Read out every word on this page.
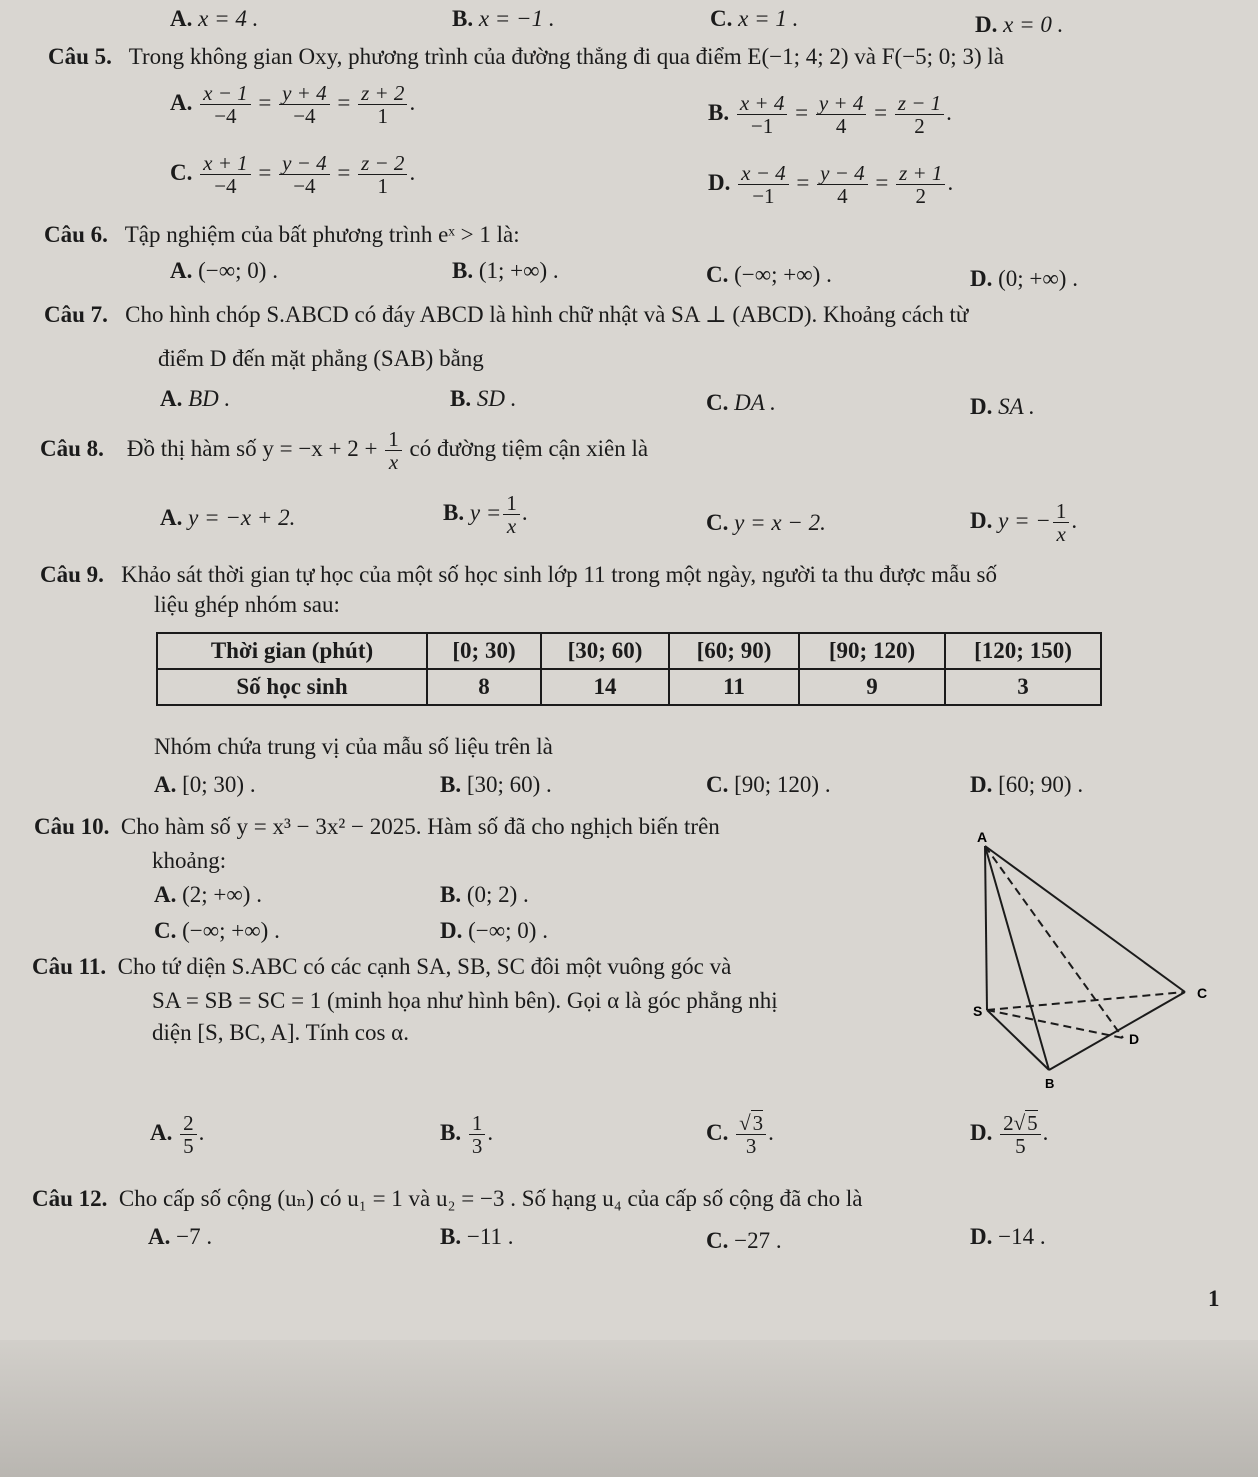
A. x = 4 .	B. x = −1 .	C. x = 1 .	D. x = 0 .
Câu 5. Trong không gian Oxy, phương trình của đường thẳng đi qua điểm E(−1; 4; 2) và F(−5; 0; 3) là
A. $\frac{x - 1}{-4} = \frac{y + 4}{-4} = \frac{z + 2}{1}$ .	B. $\frac{x + 4}{-1} = \frac{y + 4}{4} = \frac{z - 1}{2}$ .
C. $\frac{x + 1}{-4} = \frac{y - 4}{-4} = \frac{z - 2}{1}$ .	D. $\frac{x - 4}{-1} = \frac{y - 4}{4} = \frac{z + 1}{2}$ .
Câu 6. Tập nghiệm của bất phương trình eˣ > 1 là:
A. (−∞; 0) .	B. (1; +∞) .	C. (−∞; +∞) .	D. (0; +∞) .
Câu 7. Cho hình chóp S.ABCD có đáy ABCD là hình chữ nhật và SA ⊥ (ABCD). Khoảng cách từ
điểm D đến mặt phẳng (SAB) bằng
A. BD .	B. SD .	C. DA .	D. SA .
Câu 8. Đồ thị hàm số $y = -x + 2 + \frac{1}{x}$ có đường tiệm cận xiên là
A. y = −x + 2.	B. $y = \frac{1}{x}$ .	C. y = x − 2.	D. y = − $\frac{1}{x}$ .
Câu 9. Khảo sát thời gian tự học của một số học sinh lớp 11 trong một ngày, người ta thu được mẫu số
liệu ghép nhóm sau:
Thời gian (phút)	[0; 30)	[30; 60)	[60; 90)	[90; 120)	[120; 150)
Số học sinh	8	14	11	9	3
Nhóm chứa trung vị của mẫu số liệu trên là
A. [0; 30) .	B. [30; 60) .	C. [90; 120) .	D. [60; 90) .
Câu 10. Cho hàm số y = x³ − 3x² − 2025. Hàm số đã cho nghịch biến trên
khoảng:
A. (2; +∞) .	B. (0; 2) .
C. (−∞; +∞) .	D. (−∞; 0) .
Câu 11. Cho tứ diện S.ABC có các cạnh SA, SB, SC đôi một vuông góc và
SA = SB = SC = 1 (minh họa như hình bên). Gọi α là góc phẳng nhị
diện [S, BC, A]. Tính cos α.
A
S
C
D
B
A. $\frac{2}{5}$ .	B. $\frac{1}{3}$ .	C. $\frac{√3}{3}$ .	D. $\frac{2√5}{5}$ .
Câu 12. Cho cấp số cộng (uₙ) có u₁ = 1 và u₂ = −3 . Số hạng u₄ của cấp số cộng đã cho là
A. −7 .	B. −11 .	C. −27 .	D. −14 .
1
